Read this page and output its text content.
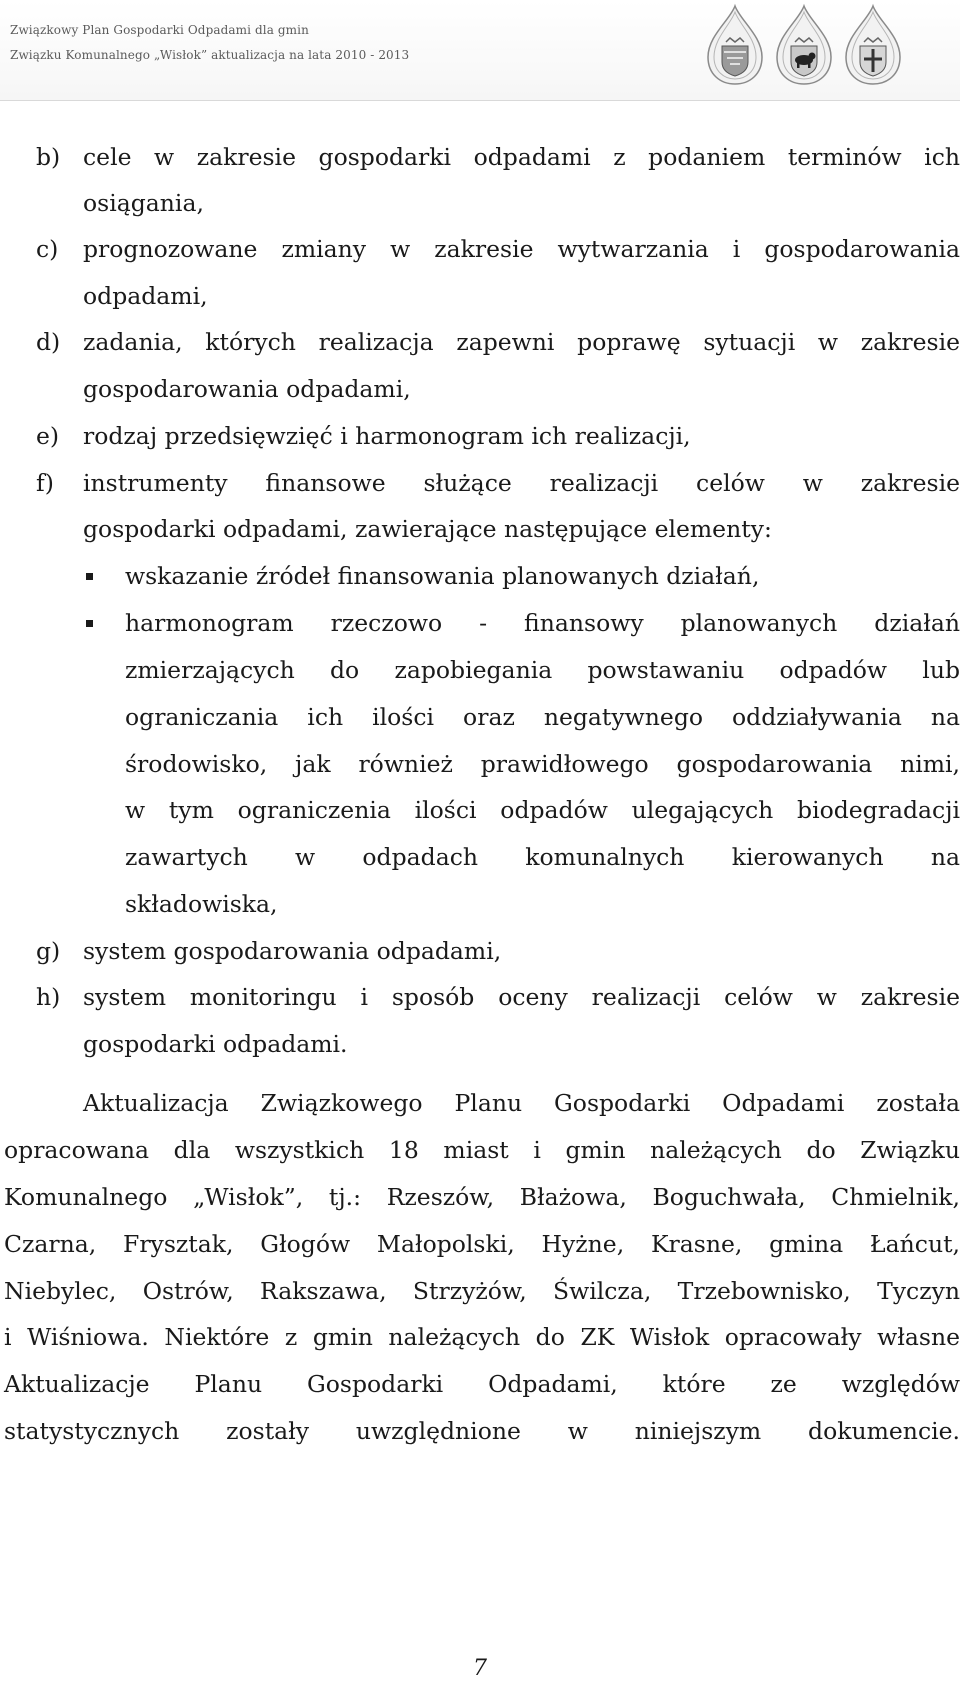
Związkowy Plan Gospodarki Odpadami dla gmin
Związku Komunalnego „Wisłok” aktualizacja na lata 2010 - 2013
b) cele w zakresie gospodarki odpadami z podaniem terminów ich
osiągania,
c) prognozowane zmiany w zakresie wytwarzania i gospodarowania
odpadami,
d) zadania, których realizacja zapewni poprawę sytuacji w zakresie
gospodarowania odpadami,
e) rodzaj przedsięwzięć i harmonogram ich realizacji,
f) instrumenty finansowe służące realizacji celów w zakresie
gospodarki odpadami, zawierające następujące elementy:
wskazanie źródeł finansowania planowanych działań,
harmonogram rzeczowo - finansowy planowanych działań
zmierzających do zapobiegania powstawaniu odpadów lub
ograniczania ich ilości oraz negatywnego oddziaływania na
środowisko, jak również prawidłowego gospodarowania nimi,
w tym ograniczenia ilości odpadów ulegających biodegradacji
zawartych w odpadach komunalnych kierowanych na
składowiska,
g) system gospodarowania odpadami,
h) system monitoringu i sposób oceny realizacji celów w zakresie
gospodarki odpadami.
Aktualizacja Związkowego Planu Gospodarki Odpadami została
opracowana dla wszystkich 18 miast i gmin należących do Związku
Komunalnego „Wisłok”, tj.: Rzeszów, Błażowa, Boguchwała, Chmielnik,
Czarna, Frysztak, Głogów Małopolski, Hyżne, Krasne, gmina Łańcut,
Niebylec, Ostrów, Rakszawa, Strzyżów, Świlcza, Trzebownisko, Tyczyn
i Wiśniowa. Niektóre z gmin należących do ZK Wisłok opracowały własne
Aktualizacje Planu Gospodarki Odpadami, które ze względów
statystycznych zostały uwzględnione w niniejszym dokumencie.
7
